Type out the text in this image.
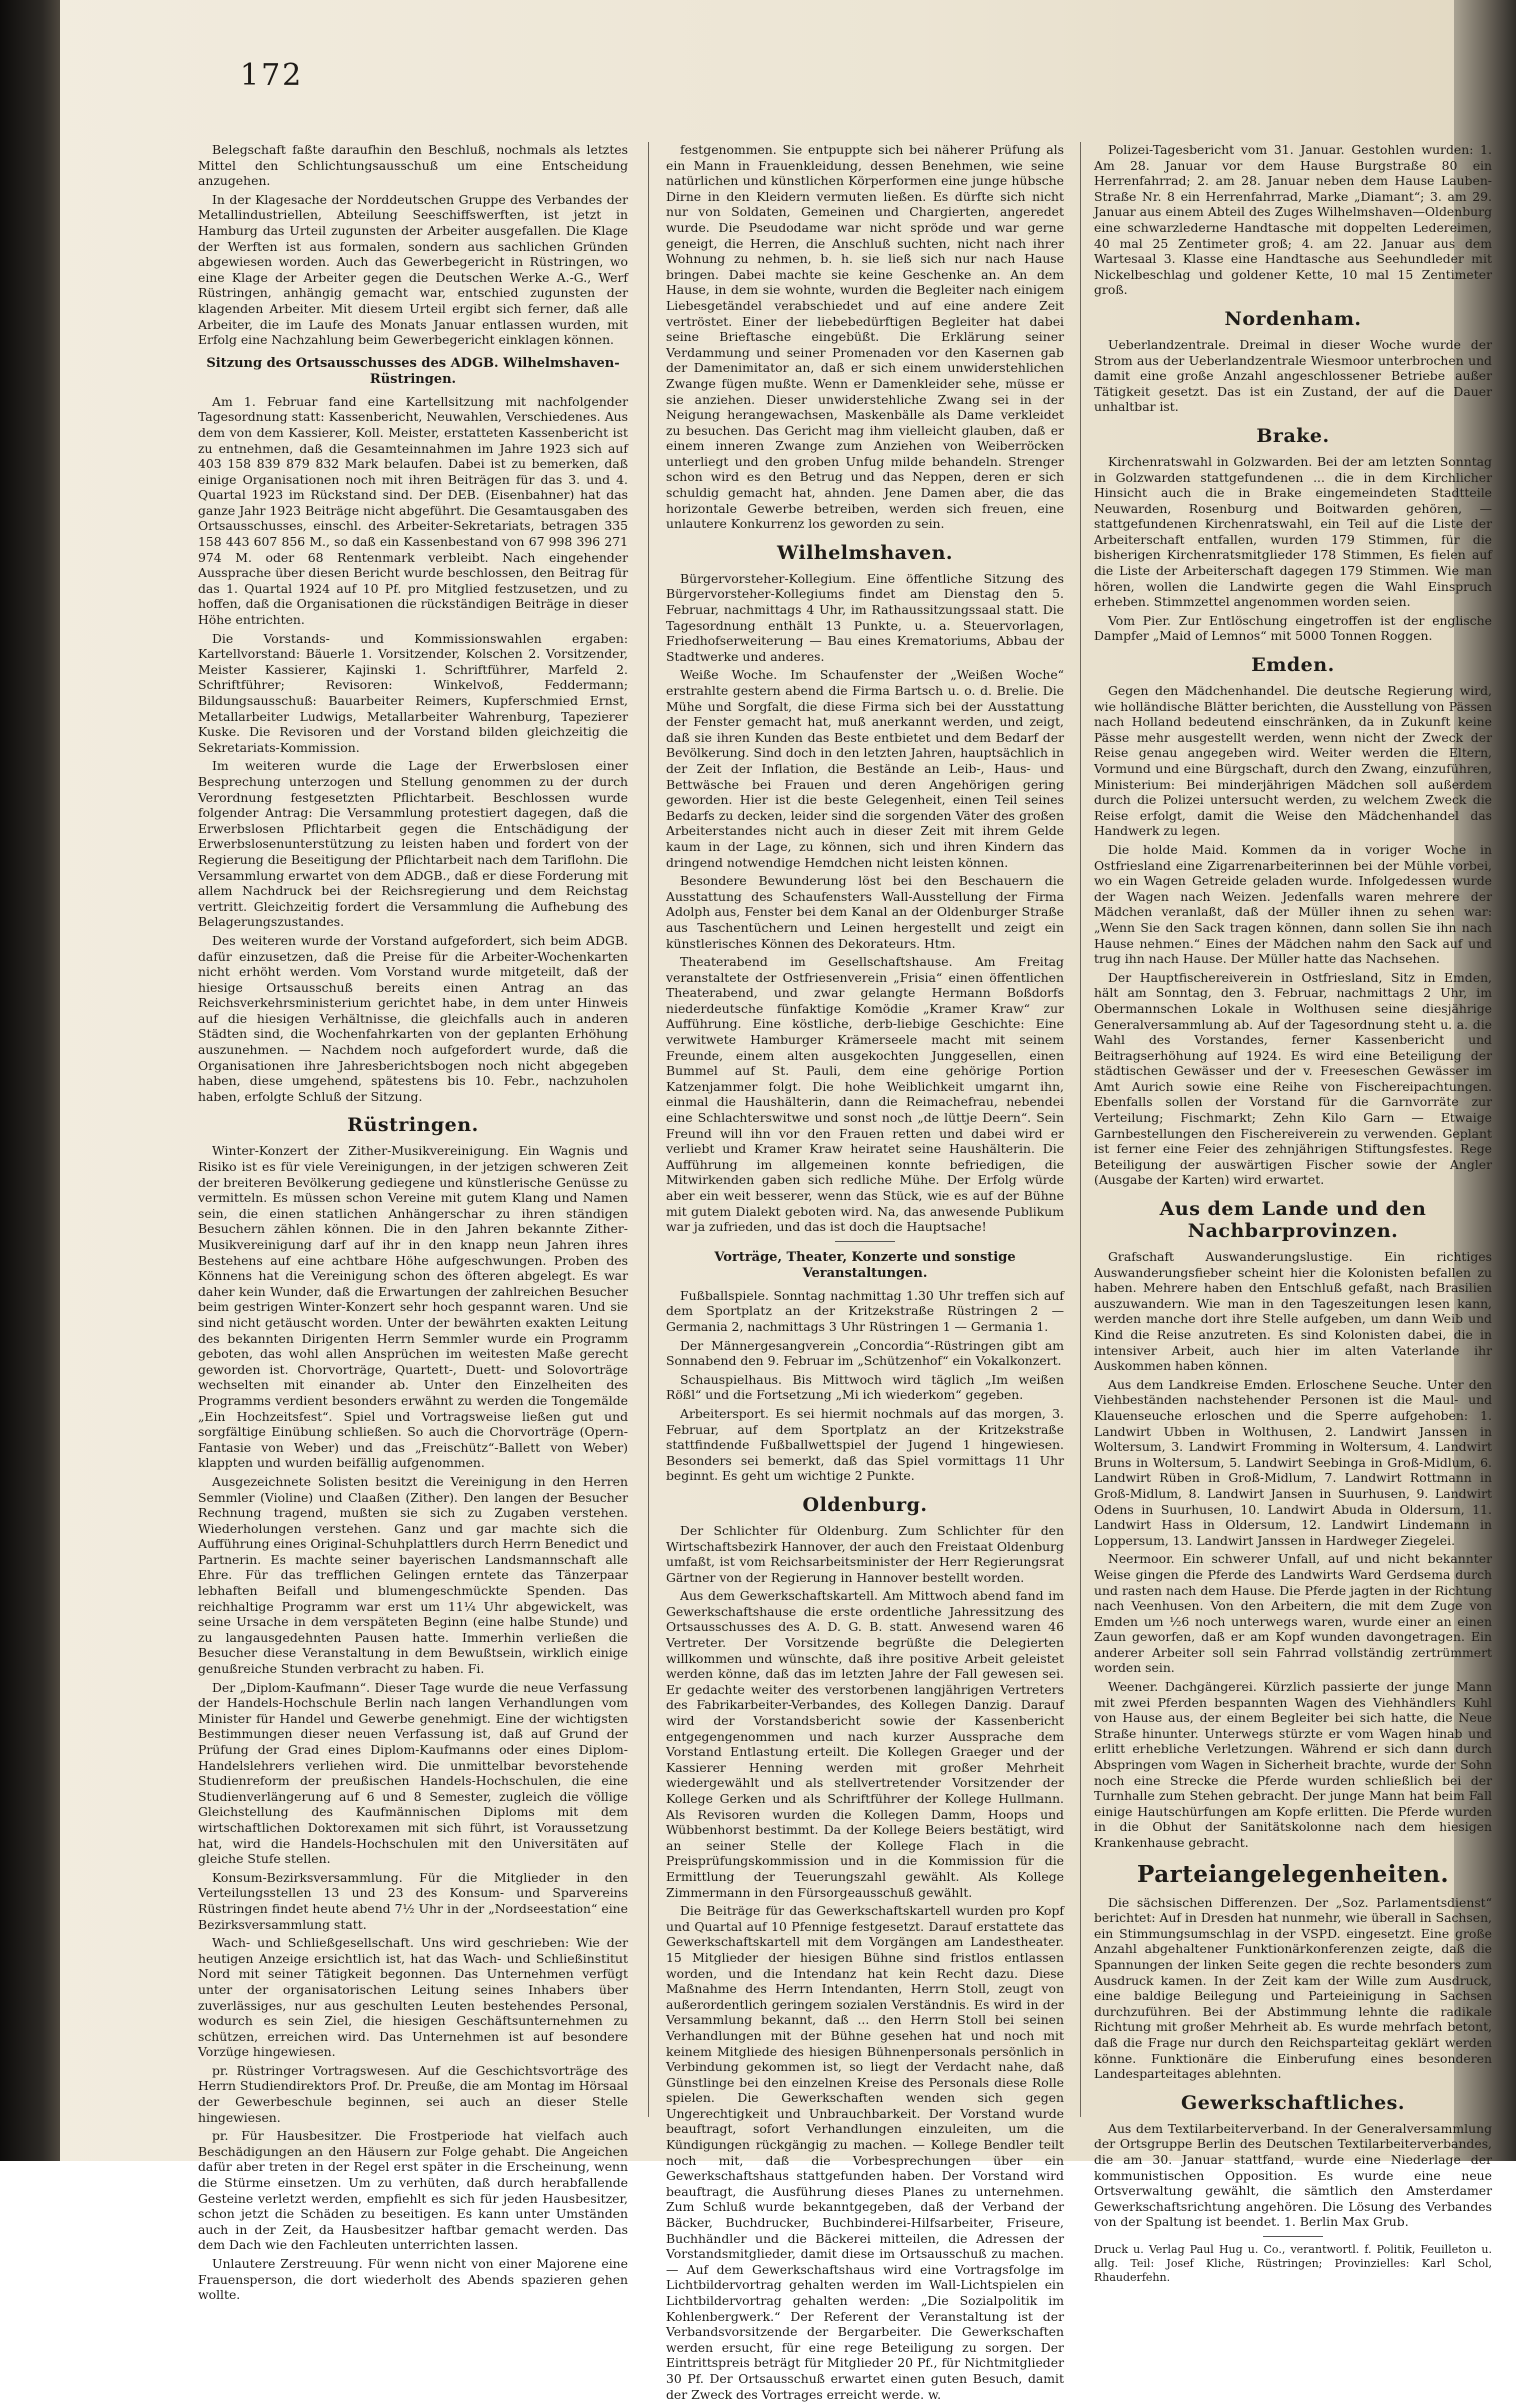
172

Belegschaft faßte daraufhin den Beschluß, nochmals als letztes Mittel den Schlichtungsausschuß um eine Entscheidung anzugehen.

In der Klagesache der Norddeutschen Gruppe des Verbandes der Metallindustriellen, Abteilung Seeschiffswerften, ist jetzt in Hamburg das Urteil zugunsten der Arbeiter ausgefallen. Die Klage der Werften ist aus formalen, sondern aus sachlichen Gründen abgewiesen worden. Auch das Gewerbegericht in Rüstringen, wo eine Klage der Arbeiter gegen die Deutschen Werke A.-G., Werf Rüstringen, anhängig gemacht war, entschied zugunsten der klagenden Arbeiter. Mit diesem Urteil ergibt sich ferner, daß alle Arbeiter, die im Laufe des Monats Januar entlassen wurden, mit Erfolg eine Nachzahlung beim Gewerbegericht einklagen können.

Sitzung des Ortsausschusses des ADGB. Wilhelmshaven-Rüstringen.

Am 1. Februar fand eine Kartellsitzung mit nachfolgender Tagesordnung statt: Kassenbericht, Neuwahlen, Verschiedenes. Aus dem von dem Kassierer, Koll. Meister, erstatteten Kassenbericht ist zu entnehmen, daß die Gesamteinnahmen im Jahre 1923 sich auf 403 158 839 879 832 Mark belaufen. Dabei ist zu bemerken, daß einige Organisationen noch mit ihren Beiträgen für das 3. und 4. Quartal 1923 im Rückstand sind. Der DEB. (Eisenbahner) hat das ganze Jahr 1923 Beiträge nicht abgeführt. Die Gesamtausgaben des Ortsausschusses, einschl. des Arbeiter-Sekretariats, betragen 335 158 443 607 856 M., so daß ein Kassenbestand von 67 998 396 271 974 M. oder 68 Rentenmark verbleibt. Nach eingehender Aussprache über diesen Bericht wurde beschlossen, den Beitrag für das 1. Quartal 1924 auf 10 Pf. pro Mitglied festzusetzen, und zu hoffen, daß die Organisationen die rückständigen Beiträge in dieser Höhe entrichten.

Die Vorstands- und Kommissionswahlen ergaben: Kartellvorstand: Bäuerle 1. Vorsitzender, Kolschen 2. Vorsitzender, Meister Kassierer, Kajinski 1. Schriftführer, Marfeld 2. Schriftführer; Revisoren: Winkelvoß, Feddermann; Bildungsausschuß: Bauarbeiter Reimers, Kupferschmied Ernst, Metallarbeiter Ludwigs, Metallarbeiter Wahrenburg, Tapezierer Kuske. Die Revisoren und der Vorstand bilden gleichzeitig die Sekretariats-Kommission.

Im weiteren wurde die Lage der Erwerbslosen einer Besprechung unterzogen und Stellung genommen zu der durch Verordnung festgesetzten Pflichtarbeit. Beschlossen wurde folgender Antrag: Die Versammlung protestiert dagegen, daß die Erwerbslosen Pflichtarbeit gegen die Entschädigung der Erwerbslosenunterstützung zu leisten haben und fordert von der Regierung die Beseitigung der Pflichtarbeit nach dem Tariflohn. Die Versammlung erwartet von dem ADGB., daß er diese Forderung mit allem Nachdruck bei der Reichsregierung und dem Reichstag vertritt. Gleichzeitig fordert die Versammlung die Aufhebung des Belagerungszustandes.

Des weiteren wurde der Vorstand aufgefordert, sich beim ADGB. dafür einzusetzen, daß die Preise für die Arbeiter-Wochenkarten nicht erhöht werden. Vom Vorstand wurde mitgeteilt, daß der hiesige Ortsausschuß bereits einen Antrag an das Reichsverkehrsministerium gerichtet habe, in dem unter Hinweis auf die hiesigen Verhältnisse, die gleichfalls auch in anderen Städten sind, die Wochenfahrkarten von der geplanten Erhöhung auszunehmen. — Nachdem noch aufgefordert wurde, daß die Organisationen ihre Jahresberichtsbogen noch nicht abgegeben haben, diese umgehend, spätestens bis 10. Febr., nachzuholen haben, erfolgte Schluß der Sitzung.

Rüstringen.

Winter-Konzert der Zither-Musikvereinigung. Ein Wagnis und Risiko ist es für viele Vereinigungen, in der jetzigen schweren Zeit der breiteren Bevölkerung gediegene und künstlerische Genüsse zu vermitteln. Es müssen schon Vereine mit gutem Klang und Namen sein, die einen statlichen Anhängerschar zu ihren ständigen Besuchern zählen können. Die in den Jahren bekannte Zither-Musikvereinigung darf auf ihr in den knapp neun Jahren ihres Bestehens auf eine achtbare Höhe aufgeschwungen. Proben des Könnens hat die Vereinigung schon des öfteren abgelegt. Es war daher kein Wunder, daß die Erwartungen der zahlreichen Besucher beim gestrigen Winter-Konzert sehr hoch gespannt waren. Und sie sind nicht getäuscht worden. Unter der bewährten exakten Leitung des bekannten Dirigenten Herrn Semmler wurde ein Programm geboten, das wohl allen Ansprüchen im weitesten Maße gerecht geworden ist. Chorvorträge, Quartett-, Duett- und Solovorträge wechselten mit einander ab. Unter den Einzelheiten des Programms verdient besonders erwähnt zu werden die Tongemälde „Ein Hochzeitsfest“. Spiel und Vortragsweise ließen gut und sorgfältige Einübung schließen. So auch die Chorvorträge (Opern-Fantasie von Weber) und das „Freischütz“-Ballett von Weber) klappten und wurden beifällig aufgenommen.

Ausgezeichnete Solisten besitzt die Vereinigung in den Herren Semmler (Violine) und Claaßen (Zither). Den langen der Besucher Rechnung tragend, mußten sie sich zu Zugaben verstehen. Wiederholungen verstehen. Ganz und gar machte sich die Aufführung eines Original-Schuhplattlers durch Herrn Benedict und Partnerin. Es machte seiner bayerischen Landsmannschaft alle Ehre. Für das trefflichen Gelingen erntete das Tänzerpaar lebhaften Beifall und blumengeschmückte Spenden. Das reichhaltige Programm war erst um 11¼ Uhr abgewickelt, was seine Ursache in dem verspäteten Beginn (eine halbe Stunde) und zu langausgedehnten Pausen hatte. Immerhin verließen die Besucher diese Veranstaltung in dem Bewußtsein, wirklich einige genußreiche Stunden verbracht zu haben. Fi.

Der „Diplom-Kaufmann“. Dieser Tage wurde die neue Verfassung der Handels-Hochschule Berlin nach langen Verhandlungen vom Minister für Handel und Gewerbe genehmigt. Eine der wichtigsten Bestimmungen dieser neuen Verfassung ist, daß auf Grund der Prüfung der Grad eines Diplom-Kaufmanns oder eines Diplom-Handelslehrers verliehen wird. Die unmittelbar bevorstehende Studienreform der preußischen Handels-Hochschulen, die eine Studienverlängerung auf 6 und 8 Semester, zugleich die völlige Gleichstellung des Kaufmännischen Diploms mit dem wirtschaftlichen Doktorexamen mit sich führt, ist Voraussetzung hat, wird die Handels-Hochschulen mit den Universitäten auf gleiche Stufe stellen.

Konsum-Bezirksversammlung. Für die Mitglieder in den Verteilungsstellen 13 und 23 des Konsum- und Sparvereins Rüstringen findet heute abend 7½ Uhr in der „Nordseestation“ eine Bezirksversammlung statt.

Wach- und Schließgesellschaft. Uns wird geschrieben: Wie der heutigen Anzeige ersichtlich ist, hat das Wach- und Schließinstitut Nord mit seiner Tätigkeit begonnen. Das Unternehmen verfügt unter der organisatorischen Leitung seines Inhabers über zuverlässiges, nur aus geschulten Leuten bestehendes Personal, wodurch es sein Ziel, die hiesigen Geschäftsunternehmen zu schützen, erreichen wird. Das Unternehmen ist auf besondere Vorzüge hingewiesen.

pr. Rüstringer Vortragswesen. Auf die Geschichtsvorträge des Herrn Studiendirektors Prof. Dr. Preuße, die am Montag im Hörsaal der Gewerbeschule beginnen, sei auch an dieser Stelle hingewiesen.

pr. Für Hausbesitzer. Die Frostperiode hat vielfach auch Beschädigungen an den Häusern zur Folge gehabt. Die Angeichen dafür aber treten in der Regel erst später in die Erscheinung, wenn die Stürme einsetzen. Um zu verhüten, daß durch herabfallende Gesteine verletzt werden, empfiehlt es sich für jeden Hausbesitzer, schon jetzt die Schäden zu beseitigen. Es kann unter Umständen auch in der Zeit, da Hausbesitzer haftbar gemacht werden. Das dem Dach wie den Fachleuten unterrichten lassen.

Unlautere Zerstreuung. Für wenn nicht von einer Majorene eine Frauensperson, die dort wiederholt des Abends spazieren gehen wollte.

festgenommen. Sie entpuppte sich bei näherer Prüfung als ein Mann in Frauenkleidung, dessen Benehmen, wie seine natürlichen und künstlichen Körperformen eine junge hübsche Dirne in den Kleidern vermuten ließen. Es dürfte sich nicht nur von Soldaten, Gemeinen und Chargierten, angeredet wurde. Die Pseudodame war nicht spröde und war gerne geneigt, die Herren, die Anschluß suchten, nicht nach ihrer Wohnung zu nehmen, b. h. sie ließ sich nur nach Hause bringen. Dabei machte sie keine Geschenke an. An dem Hause, in dem sie wohnte, wurden die Begleiter nach einigem Liebesgetändel verabschiedet und auf eine andere Zeit vertröstet. Einer der liebebedürftigen Begleiter hat dabei seine Brieftasche eingebüßt. Die Erklärung seiner Verdammung und seiner Promenaden vor den Kasernen gab der Damenimitator an, daß er sich einem unwiderstehlichen Zwange fügen mußte. Wenn er Damenkleider sehe, müsse er sie anziehen. Dieser unwiderstehliche Zwang sei in der Neigung herangewachsen, Maskenbälle als Dame verkleidet zu besuchen. Das Gericht mag ihm vielleicht glauben, daß er einem inneren Zwange zum Anziehen von Weiberröcken unterliegt und den groben Unfug milde behandeln. Strenger schon wird es den Betrug und das Neppen, deren er sich schuldig gemacht hat, ahnden. Jene Damen aber, die das horizontale Gewerbe betreiben, werden sich freuen, eine unlautere Konkurrenz los geworden zu sein.

Wilhelmshaven.

Bürgervorsteher-Kollegium. Eine öffentliche Sitzung des Bürgervorsteher-Kollegiums findet am Dienstag den 5. Februar, nachmittags 4 Uhr, im Rathaussitzungssaal statt. Die Tagesordnung enthält 13 Punkte, u. a. Steuervorlagen, Friedhofserweiterung — Bau eines Krematoriums, Abbau der Stadtwerke und anderes.

Weiße Woche. Im Schaufenster der „Weißen Woche“ erstrahlte gestern abend die Firma Bartsch u. o. d. Brelie. Die Mühe und Sorgfalt, die diese Firma sich bei der Ausstattung der Fenster gemacht hat, muß anerkannt werden, und zeigt, daß sie ihren Kunden das Beste entbietet und dem Bedarf der Bevölkerung. Sind doch in den letzten Jahren, hauptsächlich in der Zeit der Inflation, die Bestände an Leib-, Haus- und Bettwäsche bei Frauen und deren Angehörigen gering geworden. Hier ist die beste Gelegenheit, einen Teil seines Bedarfs zu decken, leider sind die sorgenden Väter des großen Arbeiterstandes nicht auch in dieser Zeit mit ihrem Gelde kaum in der Lage, zu können, sich und ihren Kindern das dringend notwendige Hemdchen nicht leisten können.

Besondere Bewunderung löst bei den Beschauern die Ausstattung des Schaufensters Wall-Ausstellung der Firma Adolph aus, Fenster bei dem Kanal an der Oldenburger Straße aus Taschentüchern und Leinen hergestellt und zeigt ein künstlerisches Können des Dekorateurs. Htm.

Theaterabend im Gesellschaftshause. Am Freitag veranstaltete der Ostfriesenverein „Frisia“ einen öffentlichen Theaterabend, und zwar gelangte Hermann Boßdorfs niederdeutsche fünfaktige Komödie „Kramer Kraw“ zur Aufführung. Eine köstliche, derb-liebige Geschichte: Eine verwitwete Hamburger Krämerseele macht mit seinem Freunde, einem alten ausgekochten Junggesellen, einen Bummel auf St. Pauli, dem eine gehörige Portion Katzenjammer folgt. Die hohe Weiblichkeit umgarnt ihn, einmal die Haushälterin, dann die Reimachefrau, nebendei eine Schlachterswitwe und sonst noch „de lüttje Deern“. Sein Freund will ihn vor den Frauen retten und dabei wird er verliebt und Kramer Kraw heiratet seine Haushälterin. Die Aufführung im allgemeinen konnte befriedigen, die Mitwirkenden gaben sich redliche Mühe. Der Erfolg würde aber ein weit besserer, wenn das Stück, wie es auf der Bühne mit gutem Dialekt geboten wird. Na, das anwesende Publikum war ja zufrieden, und das ist doch die Hauptsache!

Vorträge, Theater, Konzerte und sonstige Veranstaltungen.

Fußballspiele. Sonntag nachmittag 1.30 Uhr treffen sich auf dem Sportplatz an der Kritzekstraße Rüstringen 2 — Germania 2, nachmittags 3 Uhr Rüstringen 1 — Germania 1.

Der Männergesangverein „Concordia“-Rüstringen gibt am Sonnabend den 9. Februar im „Schützenhof“ ein Vokalkonzert.

Schauspielhaus. Bis Mittwoch wird täglich „Im weißen Rößl“ und die Fortsetzung „Mi ich wiederkom“ gegeben.

Arbeitersport. Es sei hiermit nochmals auf das morgen, 3. Februar, auf dem Sportplatz an der Kritzekstraße stattfindende Fußballwettspiel der Jugend 1 hingewiesen. Besonders sei bemerkt, daß das Spiel vormittags 11 Uhr beginnt. Es geht um wichtige 2 Punkte.

Oldenburg.

Der Schlichter für Oldenburg. Zum Schlichter für den Wirtschaftsbezirk Hannover, der auch den Freistaat Oldenburg umfaßt, ist vom Reichsarbeitsminister der Herr Regierungsrat Gärtner von der Regierung in Hannover bestellt worden.

Aus dem Gewerkschaftskartell. Am Mittwoch abend fand im Gewerkschaftshause die erste ordentliche Jahressitzung des Ortsausschusses des A. D. G. B. statt. Anwesend waren 46 Vertreter. Der Vorsitzende begrüßte die Delegierten willkommen und wünschte, daß ihre positive Arbeit geleistet werden könne, daß das im letzten Jahre der Fall gewesen sei. Er gedachte weiter des verstorbenen langjährigen Vertreters des Fabrikarbeiter-Verbandes, des Kollegen Danzig. Darauf wird der Vorstandsbericht sowie der Kassenbericht entgegengenommen und nach kurzer Aussprache dem Vorstand Entlastung erteilt. Die Kollegen Graeger und der Kassierer Henning werden mit großer Mehrheit wiedergewählt und als stellvertretender Vorsitzender der Kollege Gerken und als Schriftführer der Kollege Hullmann. Als Revisoren wurden die Kollegen Damm, Hoops und Wübbenhorst bestimmt. Da der Kollege Beiers bestätigt, wird an seiner Stelle der Kollege Flach in die Preisprüfungskommission und in die Kommission für die Ermittlung der Teuerungszahl gewählt. Als Kollege Zimmermann in den Fürsorgeausschuß gewählt.

Die Beiträge für das Gewerkschaftskartell wurden pro Kopf und Quartal auf 10 Pfennige festgesetzt. Darauf erstattete das Gewerkschaftskartell mit dem Vorgängen am Landestheater. 15 Mitglieder der hiesigen Bühne sind fristlos entlassen worden, und die Intendanz hat kein Recht dazu. Diese Maßnahme des Herrn Intendanten, Herrn Stoll, zeugt von außerordentlich geringem sozialen Verständnis. Es wird in der Versammlung bekannt, daß ... den Herrn Stoll bei seinen Verhandlungen mit der Bühne gesehen hat und noch mit keinem Mitgliede des hiesigen Bühnenpersonals persönlich in Verbindung gekommen ist, so liegt der Verdacht nahe, daß Günstlinge bei den einzelnen Kreise des Personals diese Rolle spielen. Die Gewerkschaften wenden sich gegen Ungerechtigkeit und Unbrauchbarkeit. Der Vorstand wurde beauftragt, sofort Verhandlungen einzuleiten, um die Kündigungen rückgängig zu machen. — Kollege Bendler teilt noch mit, daß die Vorbesprechungen über ein Gewerkschaftshaus stattgefunden haben. Der Vorstand wird beauftragt, die Ausführung dieses Planes zu unternehmen. Zum Schluß wurde bekanntgegeben, daß der Verband der Bäcker, Buchdrucker, Buchbinderei-Hilfsarbeiter, Friseure, Buchhändler und die Bäckerei mitteilen, die Adressen der Vorstandsmitglieder, damit diese im Ortsausschuß zu machen. — Auf dem Gewerkschaftshaus wird eine Vortragsfolge im Lichtbildervortrag gehalten werden im Wall-Lichtspielen ein Lichtbildervortrag gehalten werden: „Die Sozialpolitik im Kohlenbergwerk.“ Der Referent der Veranstaltung ist der Verbandsvorsitzende der Bergarbeiter. Die Gewerkschaften werden ersucht, für eine rege Beteiligung zu sorgen. Der Eintrittspreis beträgt für Mitglieder 20 Pf., für Nichtmitglieder 30 Pf. Der Ortsausschuß erwartet einen guten Besuch, damit der Zweck des Vortrages erreicht werde. w.

Polizei-Tagesbericht vom 31. Januar. Gestohlen wurden: 1. Am 28. Januar vor dem Hause Burgstraße 80 ein Herrenfahrrad; 2. am 28. Januar neben dem Hause Lauben-Straße Nr. 8 ein Herrenfahrrad, Marke „Diamant“; 3. am 29. Januar aus einem Abteil des Zuges Wilhelmshaven—Oldenburg eine schwarzlederne Handtasche mit doppelten Ledereimen, 40 mal 25 Zentimeter groß; 4. am 22. Januar aus dem Wartesaal 3. Klasse eine Handtasche aus Seehundleder mit Nickelbeschlag und goldener Kette, 10 mal 15 Zentimeter groß.

Nordenham.

Ueberlandzentrale. Dreimal in dieser Woche wurde der Strom aus der Ueberlandzentrale Wiesmoor unterbrochen und damit eine große Anzahl angeschlossener Betriebe außer Tätigkeit gesetzt. Das ist ein Zustand, der auf die Dauer unhaltbar ist.

Brake.

Kirchenratswahl in Golzwarden. Bei der am letzten Sonntag in Golzwarden stattgefundenen ... die in dem Kirchlicher Hinsicht auch die in Brake eingemeindeten Stadtteile Neuwarden, Rosenburg und Boitwarden gehören, — stattgefundenen Kirchenratswahl, ein Teil auf die Liste der Arbeiterschaft entfallen, wurden 179 Stimmen, für die bisherigen Kirchenratsmitglieder 178 Stimmen, Es fielen auf die Liste der Arbeiterschaft dagegen 179 Stimmen. Wie man hören, wollen die Landwirte gegen die Wahl Einspruch erheben. Stimmzettel angenommen worden seien.

Vom Pier. Zur Entlöschung eingetroffen ist der englische Dampfer „Maid of Lemnos“ mit 5000 Tonnen Roggen.

Emden.

Gegen den Mädchenhandel. Die deutsche Regierung wird, wie holländische Blätter berichten, die Ausstellung von Pässen nach Holland bedeutend einschränken, da in Zukunft keine Pässe mehr ausgestellt werden, wenn nicht der Zweck der Reise genau angegeben wird. Weiter werden die Eltern, Vormund und eine Bürgschaft, durch den Zwang, einzuführen, Ministerium: Bei minderjährigen Mädchen soll außerdem durch die Polizei untersucht werden, zu welchem Zweck die Reise erfolgt, damit die Weise den Mädchenhandel das Handwerk zu legen.

Die holde Maid. Kommen da in voriger Woche in Ostfriesland eine Zigarrenarbeiterinnen bei der Mühle vorbei, wo ein Wagen Getreide geladen wurde. Infolgedessen wurde der Wagen nach Weizen. Jedenfalls waren mehrere der Mädchen veranlaßt, daß der Müller ihnen zu sehen war: „Wenn Sie den Sack tragen können, dann sollen Sie ihn nach Hause nehmen.“ Eines der Mädchen nahm den Sack auf und trug ihn nach Hause. Der Müller hatte das Nachsehen.

Der Hauptfischereiverein in Ostfriesland, Sitz in Emden, hält am Sonntag, den 3. Februar, nachmittags 2 Uhr, im Obermannschen Lokale in Wolthusen seine diesjährige Generalversammlung ab. Auf der Tagesordnung steht u. a. die Wahl des Vorstandes, ferner Kassenbericht und Beitragserhöhung auf 1924. Es wird eine Beteiligung der städtischen Gewässer und der v. Freeseschen Gewässer im Amt Aurich sowie eine Reihe von Fischereipachtungen. Ebenfalls sollen der Vorstand für die Garnvorräte zur Verteilung; Fischmarkt; Zehn Kilo Garn — Etwaige Garnbestellungen den Fischereiverein zu verwenden. Geplant ist ferner eine Feier des zehnjährigen Stiftungsfestes. Rege Beteiligung der auswärtigen Fischer sowie der Angler (Ausgabe der Karten) wird erwartet.

Aus dem Lande und den Nachbarprovinzen.

Grafschaft Auswanderungslustige. Ein richtiges Auswanderungsfieber scheint hier die Kolonisten befallen zu haben. Mehrere haben den Entschluß gefaßt, nach Brasilien auszuwandern. Wie man in den Tageszeitungen lesen kann, werden manche dort ihre Stelle aufgeben, um dann Weib und Kind die Reise anzutreten. Es sind Kolonisten dabei, die in intensiver Arbeit, auch hier im alten Vaterlande ihr Auskommen haben können.

Aus dem Landkreise Emden. Erloschene Seuche. Unter den Viehbeständen nachstehender Personen ist die Maul- und Klauenseuche erloschen und die Sperre aufgehoben: 1. Landwirt Ubben in Wolthusen, 2. Landwirt Janssen in Woltersum, 3. Landwirt Fromming in Woltersum, 4. Landwirt Bruns in Woltersum, 5. Landwirt Seebinga in Groß-Midlum, 6. Landwirt Rüben in Groß-Midlum, 7. Landwirt Rottmann in Groß-Midlum, 8. Landwirt Jansen in Suurhusen, 9. Landwirt Odens in Suurhusen, 10. Landwirt Abuda in Oldersum, 11. Landwirt Hass in Oldersum, 12. Landwirt Lindemann in Loppersum, 13. Landwirt Janssen in Hardweger Ziegelei.

Neermoor. Ein schwerer Unfall, auf und nicht bekannter Weise gingen die Pferde des Landwirts Ward Gerdsema durch und rasten nach dem Hause. Die Pferde jagten in der Richtung nach Veenhusen. Von den Arbeitern, die mit dem Zuge von Emden um ½6 noch unterwegs waren, wurde einer an einen Zaun geworfen, daß er am Kopf wunden davongetragen. Ein anderer Arbeiter soll sein Fahrrad vollständig zertrümmert worden sein.

Weener. Dachgängerei. Kürzlich passierte der junge Mann mit zwei Pferden bespannten Wagen des Viehhändlers Kuhl von Hause aus, der einem Begleiter bei sich hatte, die Neue Straße hinunter. Unterwegs stürzte er vom Wagen hinab und erlitt erhebliche Verletzungen. Während er sich dann durch Abspringen vom Wagen in Sicherheit brachte, wurde der Sohn noch eine Strecke die Pferde wurden schließlich bei der Turnhalle zum Stehen gebracht. Der junge Mann hat beim Fall einige Hautschürfungen am Kopfe erlitten. Die Pferde wurden in die Obhut der Sanitätskolonne nach dem hiesigen Krankenhause gebracht.

Parteiangelegenheiten.

Die sächsischen Differenzen. Der „Soz. Parlamentsdienst“ berichtet: Auf in Dresden hat nunmehr, wie überall in Sachsen, ein Stimmungsumschlag in der VSPD. eingesetzt. Eine große Anzahl abgehaltener Funktionärkonferenzen zeigte, daß die Spannungen der linken Seite gegen die rechte besonders zum Ausdruck kamen. In der Zeit kam der Wille zum Ausdruck, eine baldige Beilegung und Parteieinigung in Sachsen durchzuführen. Bei der Abstimmung lehnte die radikale Richtung mit großer Mehrheit ab. Es wurde mehrfach betont, daß die Frage nur durch den Reichsparteitag geklärt werden könne. Funktionäre die Einberufung eines besonderen Landesparteitages ablehnten.

Gewerkschaftliches.

Aus dem Textilarbeiterverband. In der Generalversammlung der Ortsgruppe Berlin des Deutschen Textilarbeiterverbandes, die am 30. Januar stattfand, wurde eine Niederlage der kommunistischen Opposition. Es wurde eine neue Ortsverwaltung gewählt, die sämtlich den Amsterdamer Gewerkschaftsrichtung angehören. Die Lösung des Verbandes von der Spaltung ist beendet. 1. Berlin Max Grub.

Druck u. Verlag Paul Hug u. Co., verantwortl. f. Politik, Feuilleton u. allg. Teil: Josef Kliche, Rüstringen; Provinzielles: Karl Schol, Rhauderfehn.
